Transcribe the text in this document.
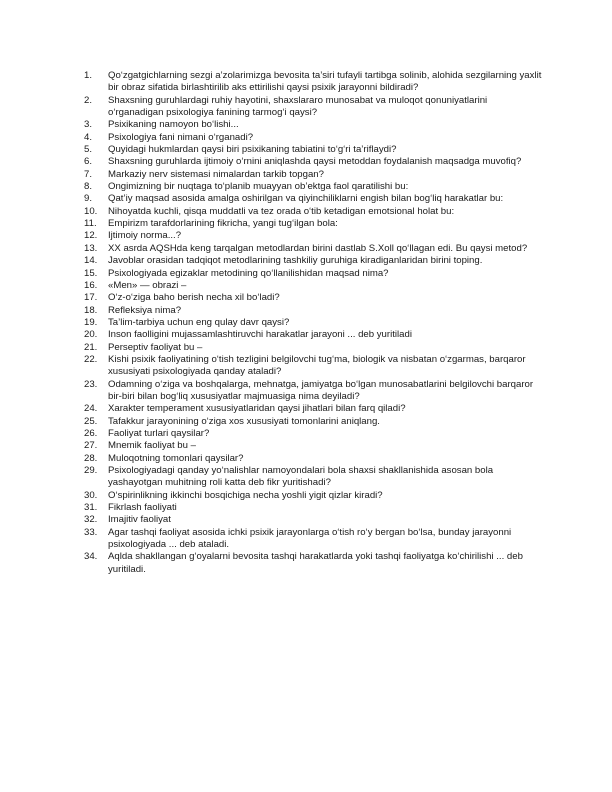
1.	Qo‘zgatgichlarning sezgi a’zolarimizga bevosita ta’siri tufayli tartibga solinib, alohida sezgilarning yaxlit bir obraz sifatida birlashtirilib aks ettirilishi qaysi psixik jarayonni bildiradi?
2.	Shaxsning guruhlardagi ruhiy hayotini, shaxslararo munosabat va muloqot qonuniyatlarini o‘rganadigan psixologiya fanining tarmog‘i qaysi?
3.	Psixikaning namoyon bo‘lishi...
4.	Psixologiya fani nimani o‘rganadi?
5.	Quyidagi hukmlardan qaysi biri psixikaning tabiatini to‘g‘ri ta’riflaydi?
6.	Shaxsning guruhlarda ijtimoiy o‘rnini aniqlashda qaysi metoddan foydalanish maqsadga muvofiq?
7.	Markaziy nerv sistemasi nimalardan tarkib topgan?
8.	Ongimizning bir nuqtaga to‘planib muayyan ob’ektga faol qaratilishi bu:
9.	Qat’iy maqsad asosida amalga oshirilgan va qiyinchiliklarni engish bilan bog‘liq harakatlar bu:
10.	Nihoyatda kuchli, qisqa muddatli va tez orada o‘tib ketadigan emotsional holat bu:
11.	Empirizm tarafdorlarining fikricha, yangi tug‘ilgan bola:
12.	Ijtimoiy norma...?
13.	XX asrda AQSHda keng tarqalgan metodlardan birini dastlab S.Xoll qo‘llagan edi. Bu qaysi metod?
14.	Javoblar orasidan tadqiqot metodlarining tashkiliy guruhiga kiradiganlaridan birini toping.
15.	Psixologiyada egizaklar metodining qo‘llanilishidan maqsad nima?
16.	«Men» — obrazi –
17.	O‘z-o‘ziga baho berish necha xil bo‘ladi?
18.	Refleksiya nima?
19.	Ta’lim-tarbiya uchun eng qulay davr qaysi?
20.	Inson faolligini mujassamlashtiruvchi harakatlar jarayoni ... deb yuritiladi
21.	Perseptiv faoliyat bu –
22.	Kishi psixik faoliyatining o‘tish tezligini belgilovchi tug‘ma, biologik va nisbatan o‘zgarmas, barqaror xususiyati psixologiyada qanday ataladi?
23.	Odamning o‘ziga va boshqalarga, mehnatga, jamiyatga bo‘lgan munosabatlarini belgilovchi barqaror bir-biri bilan bog‘liq xususiyatlar majmuasiga nima deyiladi?
24.	Xarakter temperament xususiyatlaridan qaysi jihatlari bilan farq qiladi?
25.	Tafakkur jarayonining o‘ziga xos xususiyati tomonlarini aniqlang.
26.	Faoliyat turlari qaysilar?
27.	Mnemik faoliyat bu –
28.	Muloqotning tomonlari qaysilar?
29.	Psixologiyadagi qanday yo‘nalishlar namoyondalari bola shaxsi shakllanishida asosan bola yashayotgan muhitning roli katta deb fikr yuritishadi?
30.	O‘spirinlikning ikkinchi bosqichiga necha yoshli yigit qizlar kiradi?
31.	Fikrlash faoliyati
32.	Imajitiv faoliyat
33.	Agar tashqi faoliyat asosida ichki psixik jarayonlarga o‘tish ro‘y bergan bo‘lsa, bunday jarayonni psixologiyada ... deb ataladi.
34.	Aqlda shakllangan g‘oyalarni bevosita tashqi harakatlarda yoki tashqi faoliyatga ko‘chirilishi ... deb yuritiladi.
